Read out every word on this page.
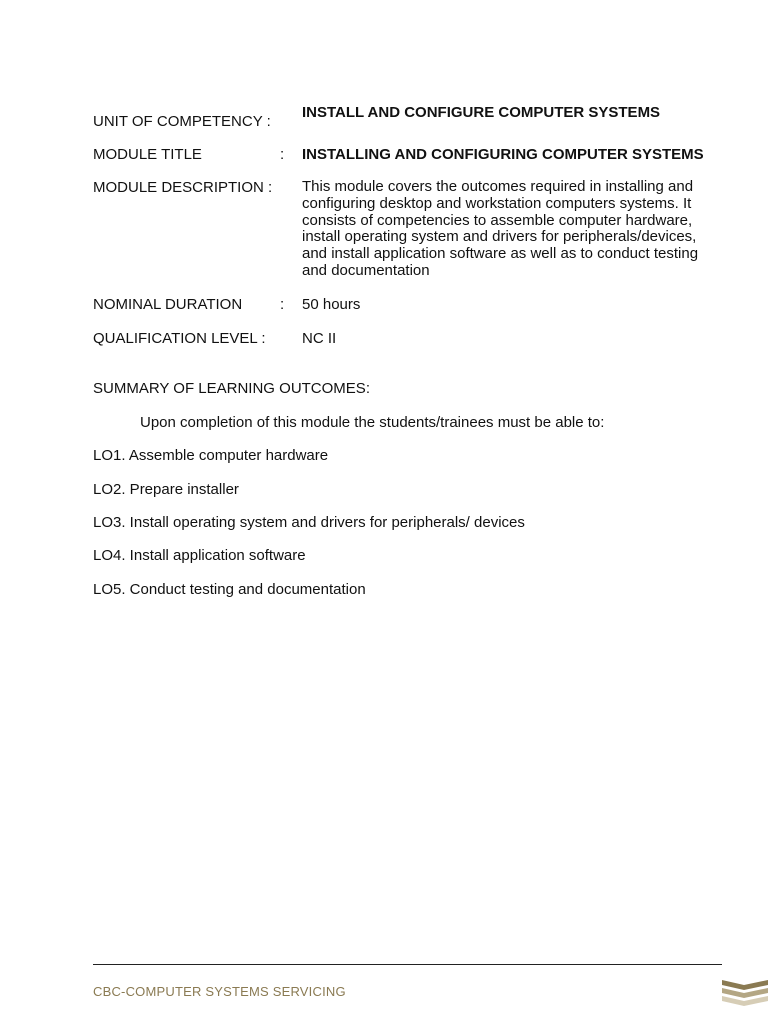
UNIT OF COMPETENCY :
INSTALL AND CONFIGURE COMPUTER SYSTEMS
MODULE TITLE	: INSTALLING AND CONFIGURING COMPUTER SYSTEMS
MODULE DESCRIPTION : This module covers the outcomes required in installing and
configuring desktop and workstation computers systems. It
consists of competencies to assemble computer hardware,
install operating system and drivers for peripherals/devices,
and install application software as well as to conduct testing
and documentation
NOMINAL DURATION	: 50 hours
QUALIFICATION LEVEL : NC II
SUMMARY OF LEARNING OUTCOMES:
Upon completion of this module the students/trainees must be able to:
LO1. Assemble computer hardware
LO2. Prepare installer
LO3. Install operating system and drivers for peripherals/ devices
LO4. Install application software
LO5. Conduct testing and documentation
CBC-COMPUTER SYSTEMS SERVICING
